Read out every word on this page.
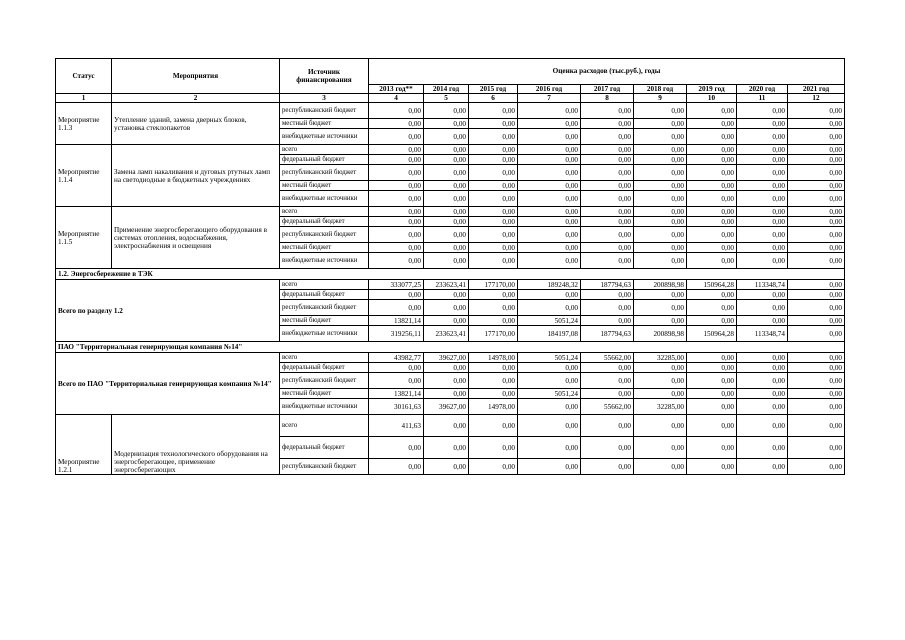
Статус	Мероприятия	Источник финансирования	Оценка расходов (тыс.руб.), годы								
			2013 год**	2014 год	2015 год	2016 год	2017 год	2018 год	2019 год	2020 год	2021 год
1	2	3	4	5	6	7	8	9	10	11	12
Мероприятие 1.1.3	Утепление зданий, замена дверных блоков, установка стеклопакетов	республиканский бюджет	0,00	0,00	0,00	0,00	0,00	0,00	0,00	0,00	0,00
		местный бюджет	0,00	0,00	0,00	0,00	0,00	0,00	0,00	0,00	0,00
		внебюджетные источники	0,00	0,00	0,00	0,00	0,00	0,00	0,00	0,00	0,00
Мероприятие 1.1.4	Замена ламп накаливания и дуговых ртутных ламп на светодиодные в бюджетных учреждениях	всего	0,00	0,00	0,00	0,00	0,00	0,00	0,00	0,00	0,00
		федеральный бюджет	0,00	0,00	0,00	0,00	0,00	0,00	0,00	0,00	0,00
		республиканский бюджет	0,00	0,00	0,00	0,00	0,00	0,00	0,00	0,00	0,00
		местный бюджет	0,00	0,00	0,00	0,00	0,00	0,00	0,00	0,00	0,00
		внебюджетные источники	0,00	0,00	0,00	0,00	0,00	0,00	0,00	0,00	0,00
Мероприятие 1.1.5	Применение энергосберегающего оборудования в системах отопления, водоснабжения, электроснабжения и освещения	всего	0,00	0,00	0,00	0,00	0,00	0,00	0,00	0,00	0,00
		федеральный бюджет	0,00	0,00	0,00	0,00	0,00	0,00	0,00	0,00	0,00
		республиканский бюджет	0,00	0,00	0,00	0,00	0,00	0,00	0,00	0,00	0,00
		местный бюджет	0,00	0,00	0,00	0,00	0,00	0,00	0,00	0,00	0,00
		внебюджетные источники	0,00	0,00	0,00	0,00	0,00	0,00	0,00	0,00	0,00
1.2. Энергосбережение в ТЭК											
Всего по разделу 1.2		всего	333077,25	233623,41	177170,00	189248,32	187794,63	200898,98	150964,28	113348,74	0,00
		федеральный бюджет	0,00	0,00	0,00	0,00	0,00	0,00	0,00	0,00	0,00
		республиканский бюджет	0,00	0,00	0,00	0,00	0,00	0,00	0,00	0,00	0,00
		местный бюджет	13821,14	0,00	0,00	5051,24	0,00	0,00	0,00	0,00	0,00
		внебюджетные источники	319256,11	233623,41	177170,00	184197,08	187794,63	200898,98	150964,28	113348,74	0,00
ПАО "Территориальная генерирующая компания №14"											
Всего по ПАО "Территориальная генерирующая компания №14"		всего	43982,77	39627,00	14978,00	5051,24	55662,00	32285,00	0,00	0,00	0,00
		федеральный бюджет	0,00	0,00	0,00	0,00	0,00	0,00	0,00	0,00	0,00
		республиканский бюджет	0,00	0,00	0,00	0,00	0,00	0,00	0,00	0,00	0,00
		местный бюджет	13821,14	0,00	0,00	5051,24	0,00	0,00	0,00	0,00	0,00
		внебюджетные источники	30161,63	39627,00	14978,00	0,00	55662,00	32285,00	0,00	0,00	0,00
Мероприятие 1.2.1	Модернизация технологического оборудования на энергосберегающее, применение энергосберегающих	всего	411,63	0,00	0,00	0,00	0,00	0,00	0,00	0,00	0,00
		федеральный бюджет	0,00	0,00	0,00	0,00	0,00	0,00	0,00	0,00	0,00
		республиканский бюджет	0,00	0,00	0,00	0,00	0,00	0,00	0,00	0,00	0,00
